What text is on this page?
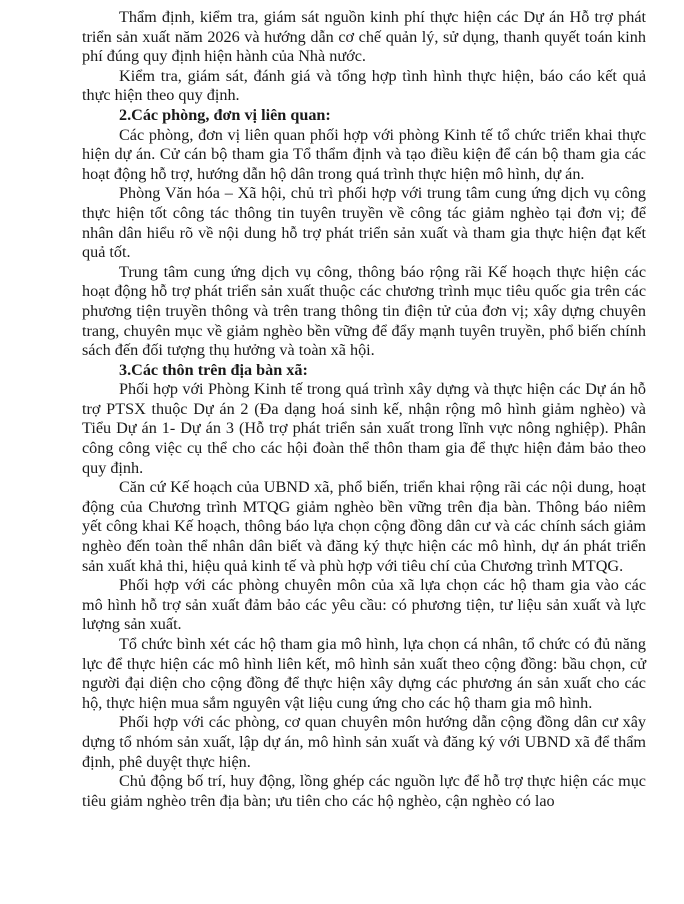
Thẩm định, kiểm tra, giám sát nguồn kinh phí thực hiện các Dự án Hỗ trợ phát triển sản xuất năm 2026 và hướng dẫn cơ chế quản lý, sử dụng, thanh quyết toán kinh phí đúng quy định hiện hành của Nhà nước.

Kiểm tra, giám sát, đánh giá và tổng hợp tình hình thực hiện, báo cáo kết quả thực hiện theo quy định.

2.Các phòng, đơn vị liên quan:

Các phòng, đơn vị liên quan phối hợp với phòng Kinh tế tổ chức triển khai thực hiện dự án. Cử cán bộ tham gia Tổ thẩm định và tạo điều kiện để cán bộ tham gia các hoạt động hỗ trợ, hướng dẫn hộ dân trong quá trình thực hiện mô hình, dự án.

Phòng Văn hóa – Xã hội, chủ trì phối hợp với trung tâm cung ứng dịch vụ công thực hiện tốt công tác thông tin tuyên truyền về công tác giảm nghèo tại đơn vị; để nhân dân hiểu rõ về nội dung hỗ trợ phát triển sản xuất và tham gia thực hiện đạt kết quả tốt.

Trung tâm cung ứng dịch vụ công, thông báo rộng rãi Kế hoạch thực hiện các hoạt động hỗ trợ phát triển sản xuất thuộc các chương trình mục tiêu quốc gia trên các phương tiện truyền thông và trên trang thông tin điện tử của đơn vị; xây dựng chuyên trang, chuyên mục về giảm nghèo bền vững để đẩy mạnh tuyên truyền, phổ biến chính sách đến đối tượng thụ hưởng và toàn xã hội.

3.Các thôn trên địa bàn xã:

Phối hợp với Phòng Kinh tế trong quá trình xây dựng và thực hiện các Dự án hỗ trợ PTSX thuộc Dự án 2 (Đa dạng hoá sinh kế, nhận rộng mô hình giảm nghèo) và Tiểu Dự án 1- Dự án 3 (Hỗ trợ phát triển sản xuất trong lĩnh vực nông nghiệp). Phân công công việc cụ thể cho các hội đoàn thể thôn tham gia để thực hiện đảm bảo theo quy định.

Căn cứ Kế hoạch của UBND xã, phổ biến, triển khai rộng rãi các nội dung, hoạt động của Chương trình MTQG giảm nghèo bền vững trên địa bàn. Thông báo niêm yết công khai Kế hoạch, thông báo lựa chọn cộng đồng dân cư và các chính sách giảm nghèo đến toàn thể nhân dân biết và đăng ký thực hiện các mô hình, dự án phát triển sản xuất khả thi, hiệu quả kinh tế và phù hợp với tiêu chí của Chương trình MTQG.

Phối hợp với các phòng chuyên môn của xã lựa chọn các hộ tham gia vào các mô hình hỗ trợ sản xuất đảm bảo các yêu cầu: có phương tiện, tư liệu sản xuất và lực lượng sản xuất.

Tổ chức bình xét các hộ tham gia mô hình, lựa chọn cá nhân, tổ chức có đủ năng lực để thực hiện các mô hình liên kết, mô hình sản xuất theo cộng đồng: bầu chọn, cử người đại diện cho cộng đồng để thực hiện xây dựng các phương án sản xuất cho các hộ, thực hiện mua sắm nguyên vật liệu cung ứng cho các hộ tham gia mô hình.

Phối hợp với các phòng, cơ quan chuyên môn hướng dẫn cộng đồng dân cư xây dựng tổ nhóm sản xuất, lập dự án, mô hình sản xuất và đăng ký với UBND xã để thẩm định, phê duyệt thực hiện.

Chủ động bố trí, huy động, lồng ghép các nguồn lực để hỗ trợ thực hiện các mục tiêu giảm nghèo trên địa bàn; ưu tiên cho các hộ nghèo, cận nghèo có lao
